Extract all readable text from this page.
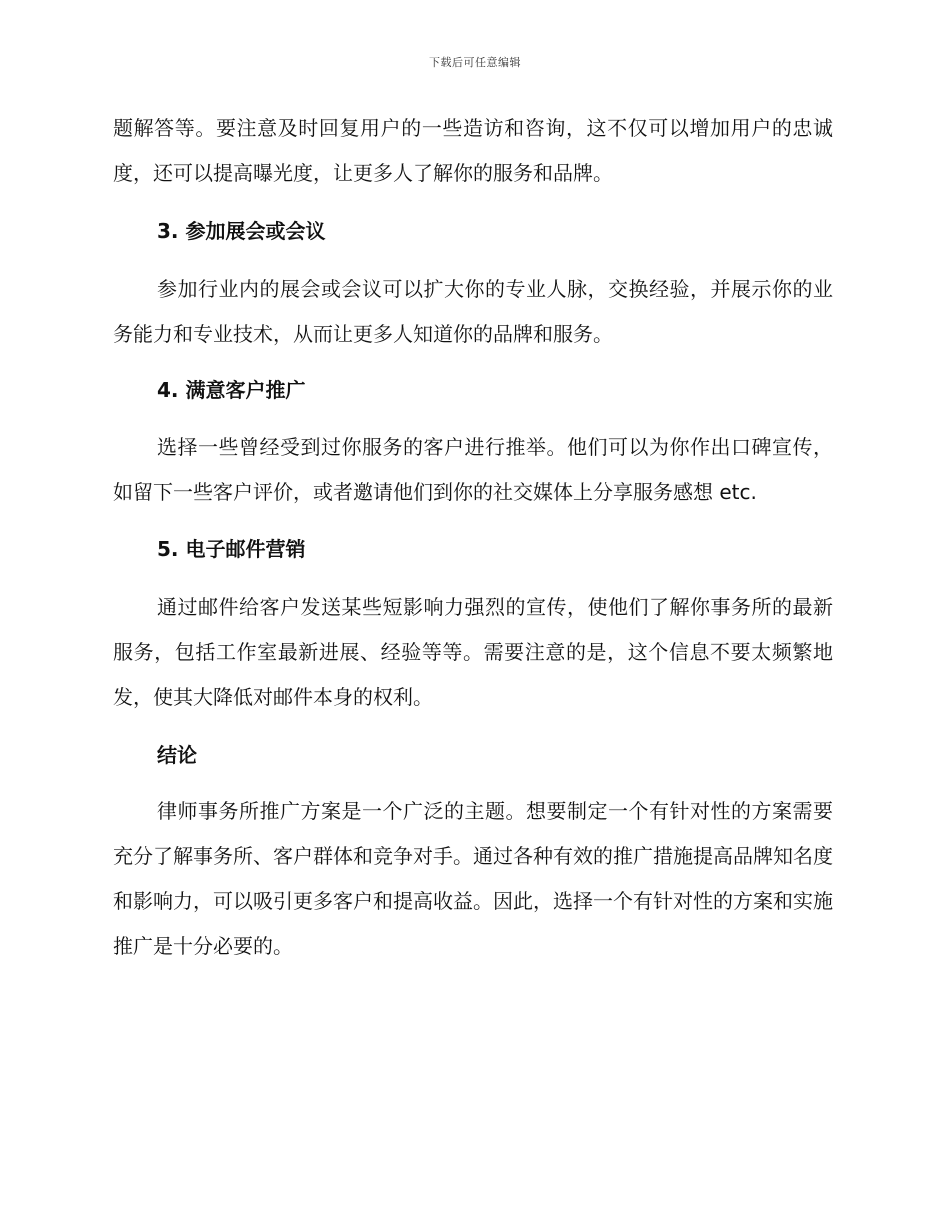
下载后可任意编辑

题解答等。要注意及时回复用户的一些造访和咨询，这不仅可以增加用户的忠诚度，还可以提高曝光度，让更多人了解你的服务和品牌。

3. 参加展会或会议

参加行业内的展会或会议可以扩大你的专业人脉，交换经验，并展示你的业务能力和专业技术，从而让更多人知道你的品牌和服务。

4. 满意客户推广

选择一些曾经受到过你服务的客户进行推举。他们可以为你作出口碑宣传，如留下一些客户评价，或者邀请他们到你的社交媒体上分享服务感想 etc.

5. 电子邮件营销

通过邮件给客户发送某些短影响力强烈的宣传，使他们了解你事务所的最新服务，包括工作室最新进展、经验等等。需要注意的是，这个信息不要太频繁地发，使其大降低对邮件本身的权利。

结论

律师事务所推广方案是一个广泛的主题。想要制定一个有针对性的方案需要充分了解事务所、客户群体和竞争对手。通过各种有效的推广措施提高品牌知名度和影响力，可以吸引更多客户和提高收益。因此，选择一个有针对性的方案和实施推广是十分必要的。
